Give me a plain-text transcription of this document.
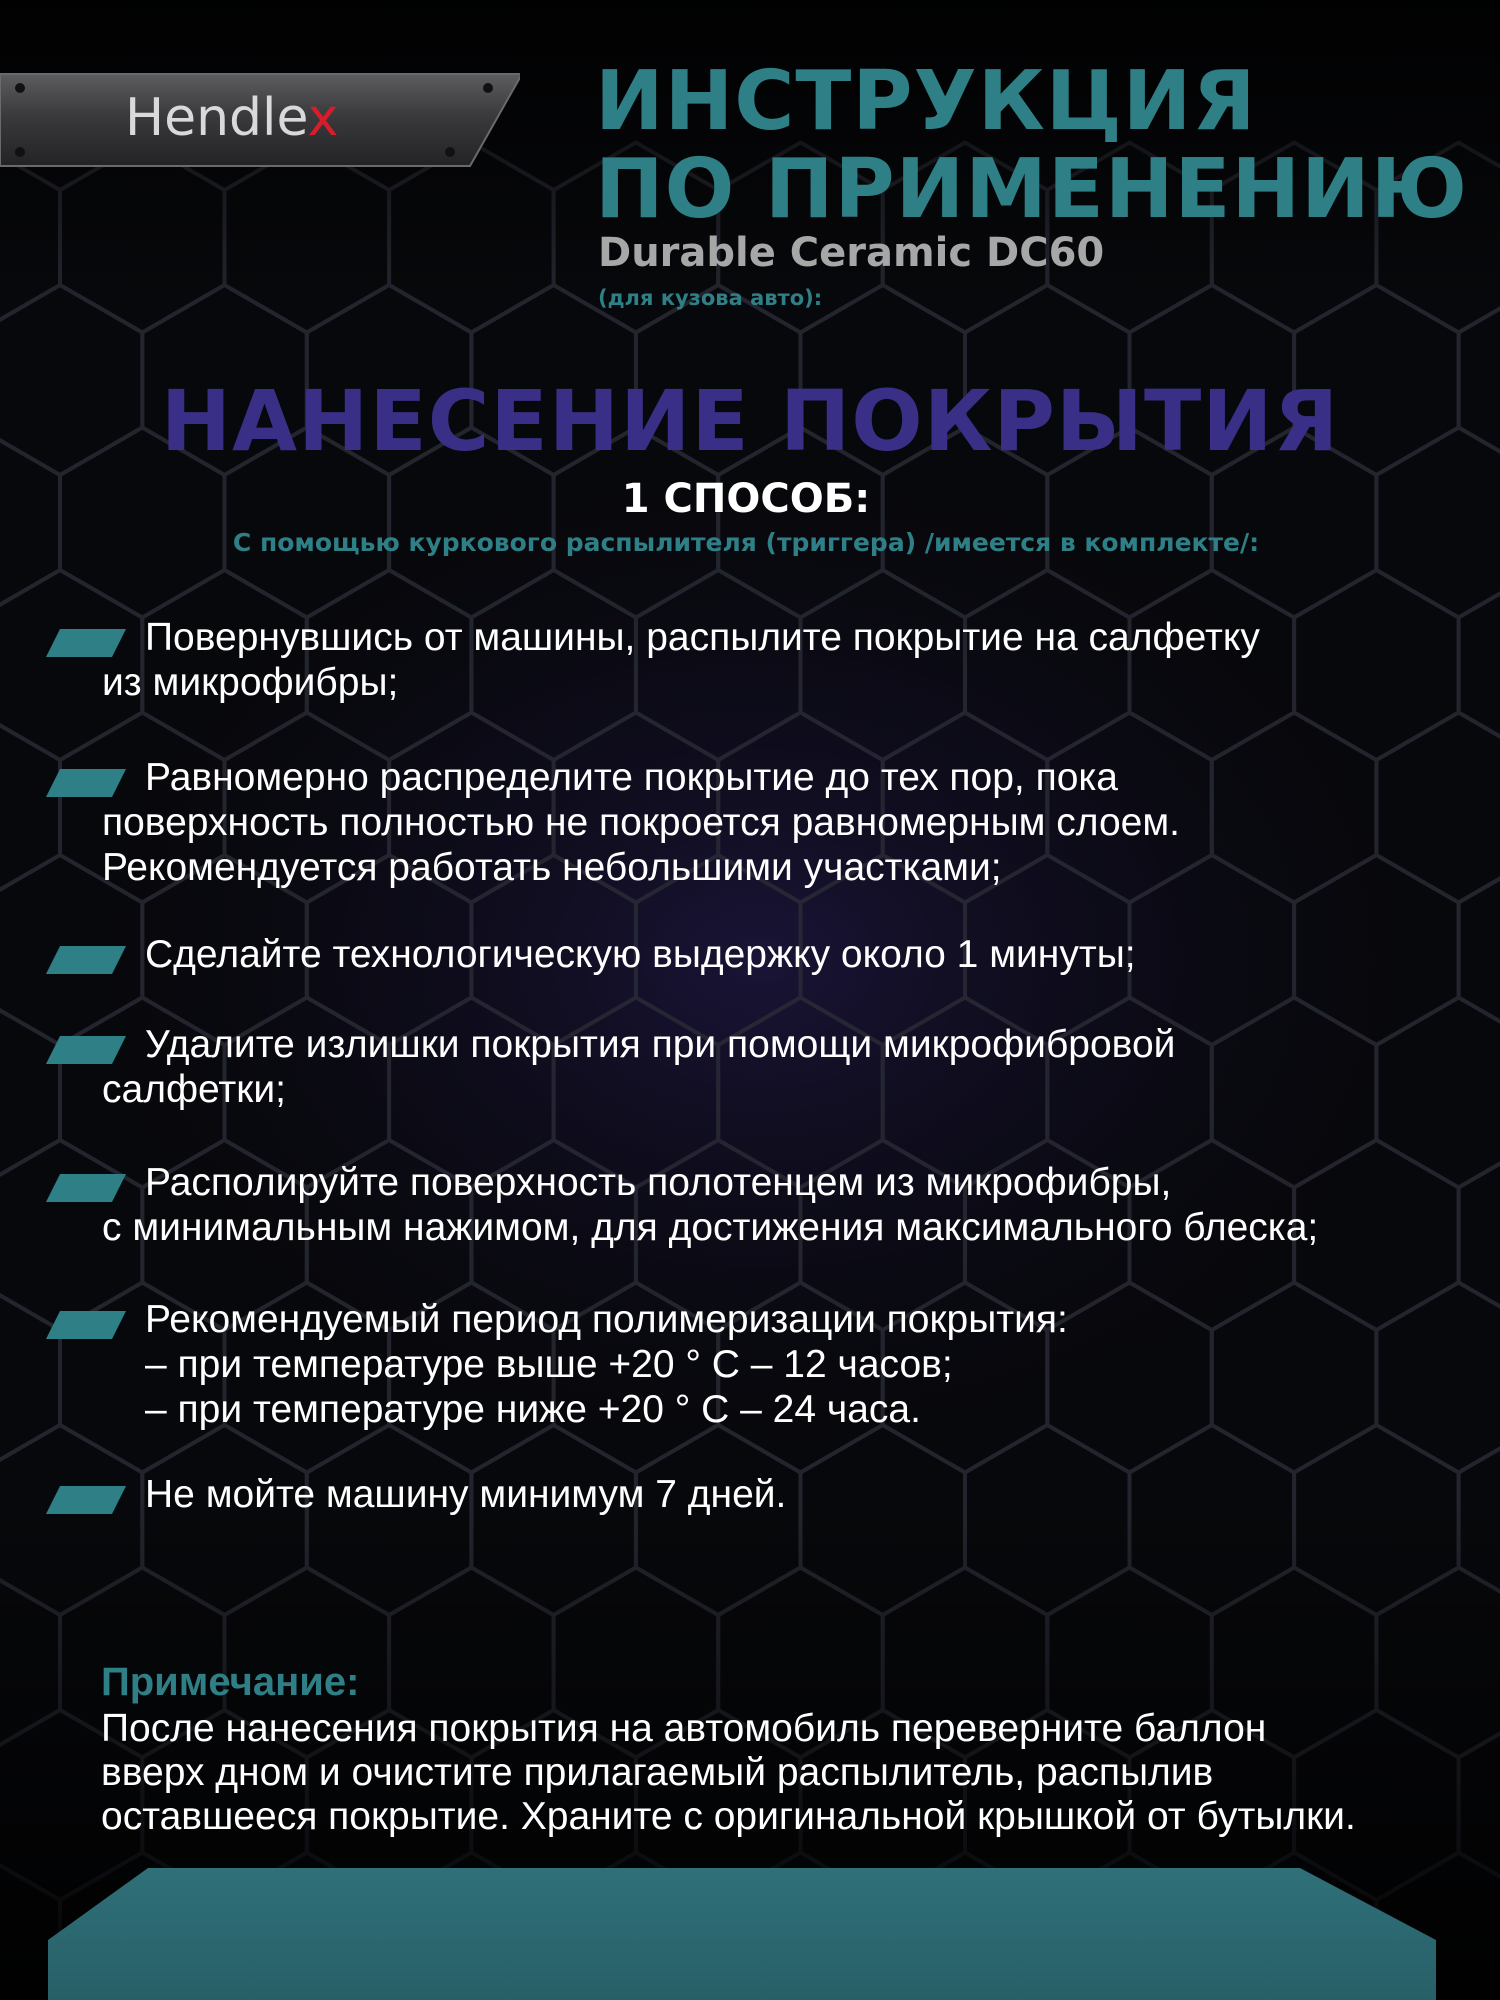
Hendlex	ИНСТРУКЦИЯ
ПО ПРИМЕНЕНИЮ
Durable Ceramic DC60
(для кузова авто):
НАНЕСЕНИЕ ПОКРЫТИЯ
1 СПОСОБ:
С помощью куркового распылителя (триггера) /имеется в комплекте/:
Повернувшись от машины, распылите покрытие на салфетку
из микрофибры;
Равномерно распределите покрытие до тех пор, пока
поверхность полностью не покроется равномерным слоем.
Рекомендуется работать небольшими участками;
Сделайте технологическую выдержку около 1 минуты;
Удалите излишки покрытия при помощи микрофибровой
салфетки;
Располируйте поверхность полотенцем из микрофибры,
с минимальным нажимом, для достижения максимального блеска;
Рекомендуемый период полимеризации покрытия:
– при температуре выше +20 ° С – 12 часов;
– при температуре ниже +20 ° С – 24 часа.
Не мойте машину минимум 7 дней.
Примечание:
После нанесения покрытия на автомобиль переверните баллон
вверх дном и очистите прилагаемый распылитель, распылив
оставшееся покрытие. Храните с оригинальной крышкой от бутылки.
